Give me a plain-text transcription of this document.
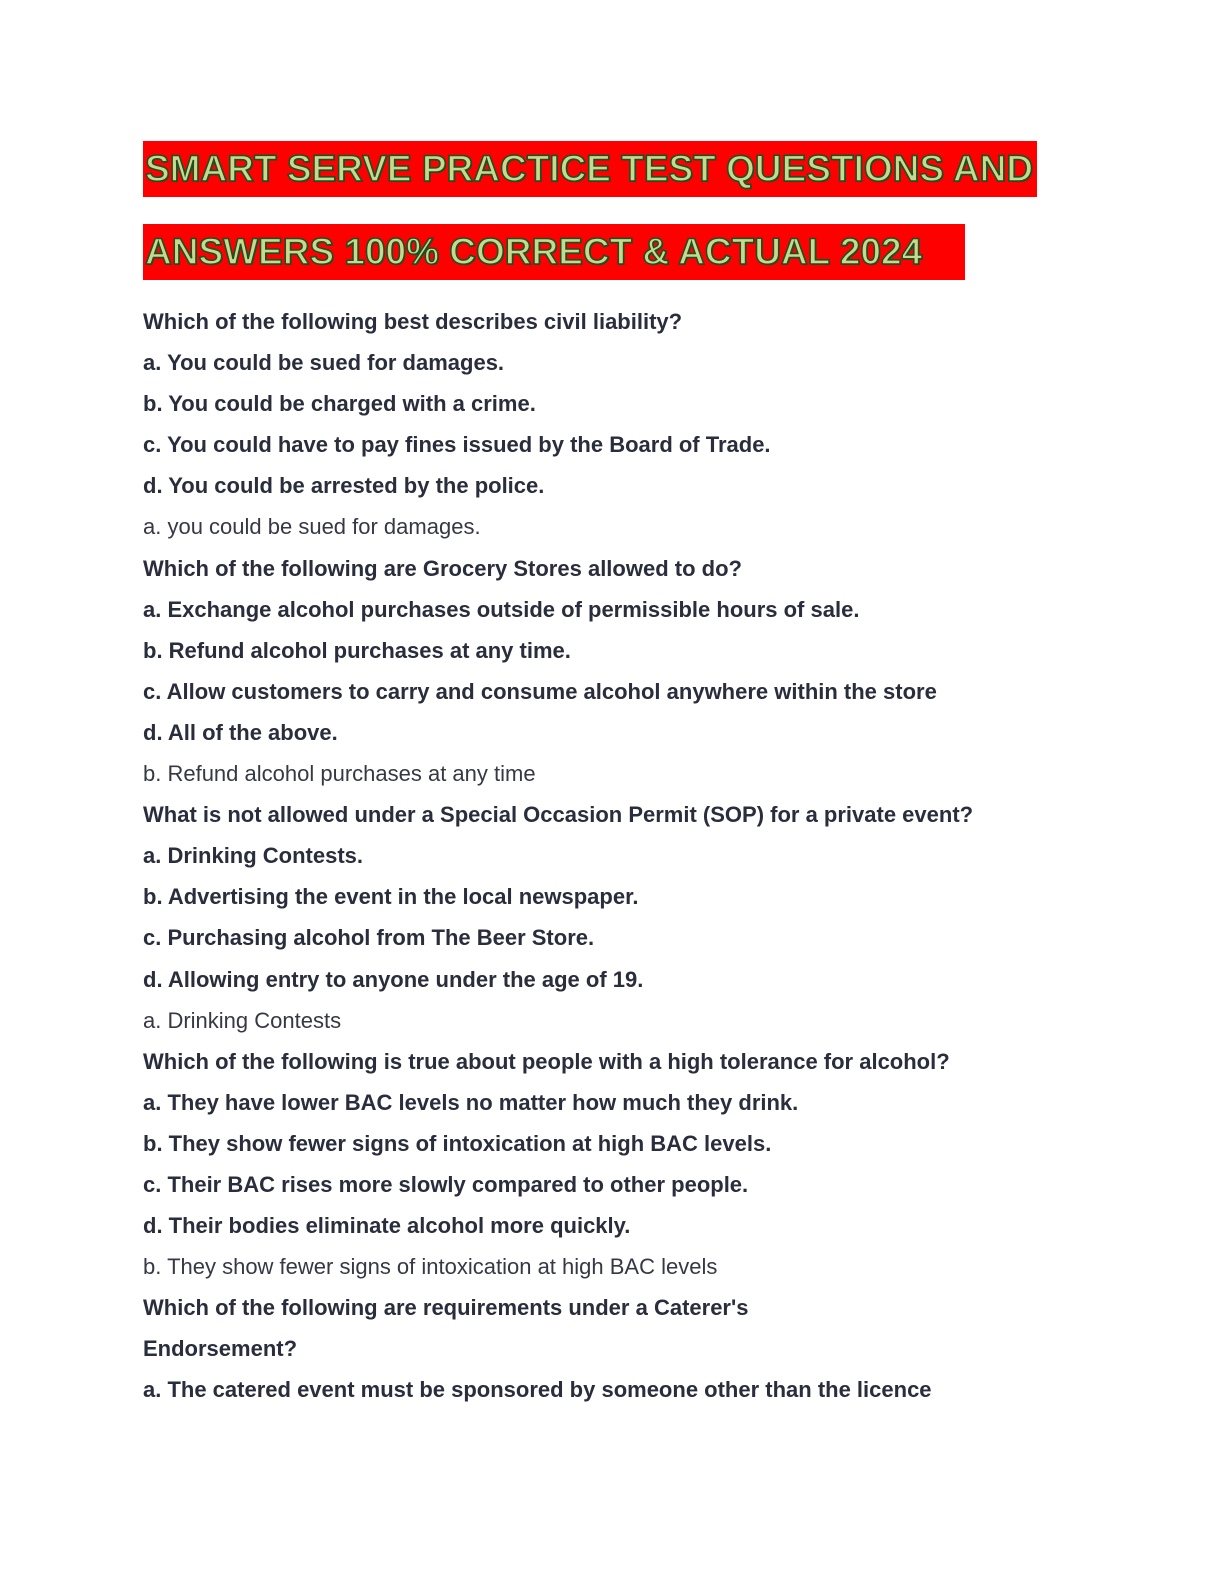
SMART SERVE PRACTICE TEST QUESTIONS AND
ANSWERS 100% CORRECT & ACTUAL 2024
Which of the following best describes civil liability?
a. You could be sued for damages.
b. You could be charged with a crime.
c. You could have to pay fines issued by the Board of Trade.
d. You could be arrested by the police.
a. you could be sued for damages.
Which of the following are Grocery Stores allowed to do?
a. Exchange alcohol purchases outside of permissible hours of sale.
b. Refund alcohol purchases at any time.
c. Allow customers to carry and consume alcohol anywhere within the store
d. All of the above.
b. Refund alcohol purchases at any time
What is not allowed under a Special Occasion Permit (SOP) for a private event?
a. Drinking Contests.
b. Advertising the event in the local newspaper.
c. Purchasing alcohol from The Beer Store.
d. Allowing entry to anyone under the age of 19.
a. Drinking Contests
Which of the following is true about people with a high tolerance for alcohol?
a. They have lower BAC levels no matter how much they drink.
b. They show fewer signs of intoxication at high BAC levels.
c. Their BAC rises more slowly compared to other people.
d. Their bodies eliminate alcohol more quickly.
b. They show fewer signs of intoxication at high BAC levels
Which of the following are requirements under a Caterer's
Endorsement?
a. The catered event must be sponsored by someone other than the licence
